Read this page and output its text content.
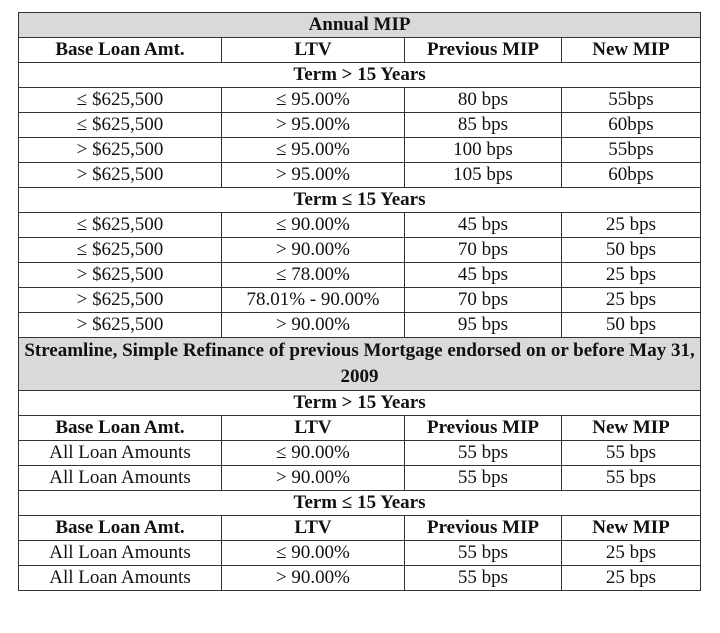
Annual MIP			
Base Loan Amt.	LTV	Previous MIP	New MIP
Term > 15 Years			
≤ $625,500	≤ 95.00%	80 bps	55bps
≤ $625,500	> 95.00%	85 bps	60bps
> $625,500	≤ 95.00%	100 bps	55bps
> $625,500	> 95.00%	105 bps	60bps
Term ≤ 15 Years			
≤ $625,500	≤ 90.00%	45 bps	25 bps
≤ $625,500	> 90.00%	70 bps	50 bps
> $625,500	≤ 78.00%	45 bps	25 bps
> $625,500	78.01% - 90.00%	70 bps	25 bps
> $625,500	> 90.00%	95 bps	50 bps
Streamline, Simple Refinance of previous Mortgage endorsed on or before May 31, 2009			
Term > 15 Years			
Base Loan Amt.	LTV	Previous MIP	New MIP
All Loan Amounts	≤ 90.00%	55 bps	55 bps
All Loan Amounts	> 90.00%	55 bps	55 bps
Term ≤ 15 Years			
Base Loan Amt.	LTV	Previous MIP	New MIP
All Loan Amounts	≤ 90.00%	55 bps	25 bps
All Loan Amounts	> 90.00%	55 bps	25 bps
